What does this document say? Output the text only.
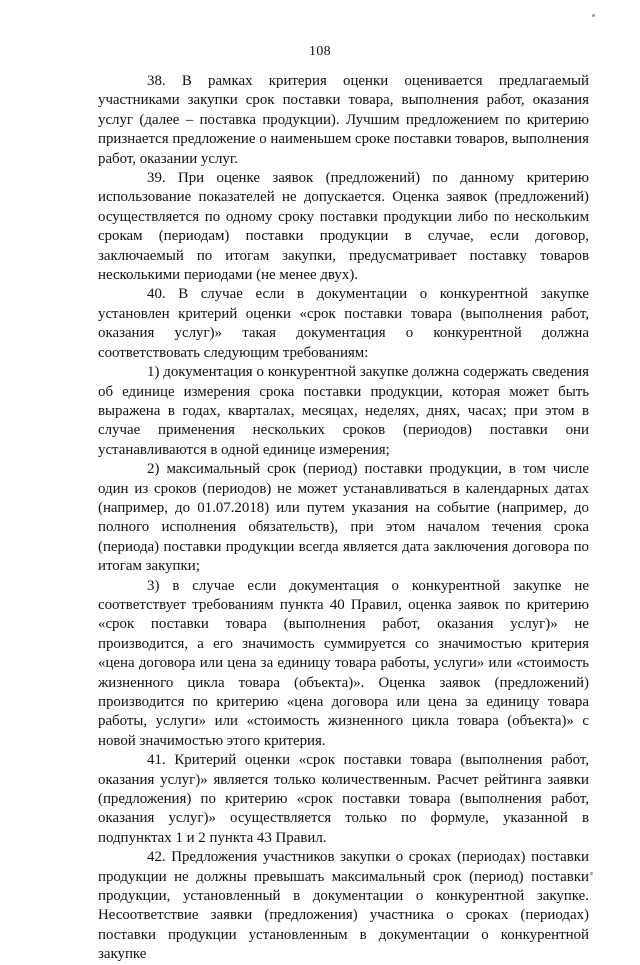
108

38. В рамках критерия оценки оценивается предлагаемый участниками закупки срок поставки товара, выполнения работ, оказания услуг (далее – поставка продукции). Лучшим предложением по критерию признается предложение о наименьшем сроке поставки товаров, выполнения работ, оказании услуг.

39. При оценке заявок (предложений) по данному критерию использование показателей не допускается. Оценка заявок (предложений) осуществляется по одному сроку поставки продукции либо по нескольким срокам (периодам) поставки продукции в случае, если договор, заключаемый по итогам закупки, предусматривает поставку товаров несколькими периодами (не менее двух).

40. В случае если в документации о конкурентной закупке установлен критерий оценки «срок поставки товара (выполнения работ, оказания услуг)» такая документация о конкурентной должна соответствовать следующим требованиям:

1) документация о конкурентной закупке должна содержать сведения об единице измерения срока поставки продукции, которая может быть выражена в годах, кварталах, месяцах, неделях, днях, часах; при этом в случае применения нескольких сроков (периодов) поставки они устанавливаются в одной единице измерения;

2) максимальный срок (период) поставки продукции, в том числе один из сроков (периодов) не может устанавливаться в календарных датах (например, до 01.07.2018) или путем указания на событие (например, до полного исполнения обязательств), при этом началом течения срока (периода) поставки продукции всегда является дата заключения договора по итогам закупки;

3) в случае если документация о конкурентной закупке не соответствует требованиям пункта 40 Правил, оценка заявок по критерию «срок поставки товара (выполнения работ, оказания услуг)» не производится, а его значимость суммируется со значимостью критерия «цена договора или цена за единицу товара работы, услуги» или «стоимость жизненного цикла товара (объекта)». Оценка заявок (предложений) производится по критерию «цена договора или цена за единицу товара работы, услуги» или «стоимость жизненного цикла товара (объекта)» с новой значимостью этого критерия.

41. Критерий оценки «срок поставки товара (выполнения работ, оказания услуг)» является только количественным. Расчет рейтинга заявки (предложения) по критерию «срок поставки товара (выполнения работ, оказания услуг)» осуществляется только по формуле, указанной в подпунктах 1 и 2 пункта 43 Правил.

42. Предложения участников закупки о сроках (периодах) поставки продукции не должны превышать максимальный срок (период) поставки продукции, установленный в документации о конкурентной закупке. Несоответствие заявки (предложения) участника о сроках (периодах) поставки продукции установленным в документации о конкурентной закупке
